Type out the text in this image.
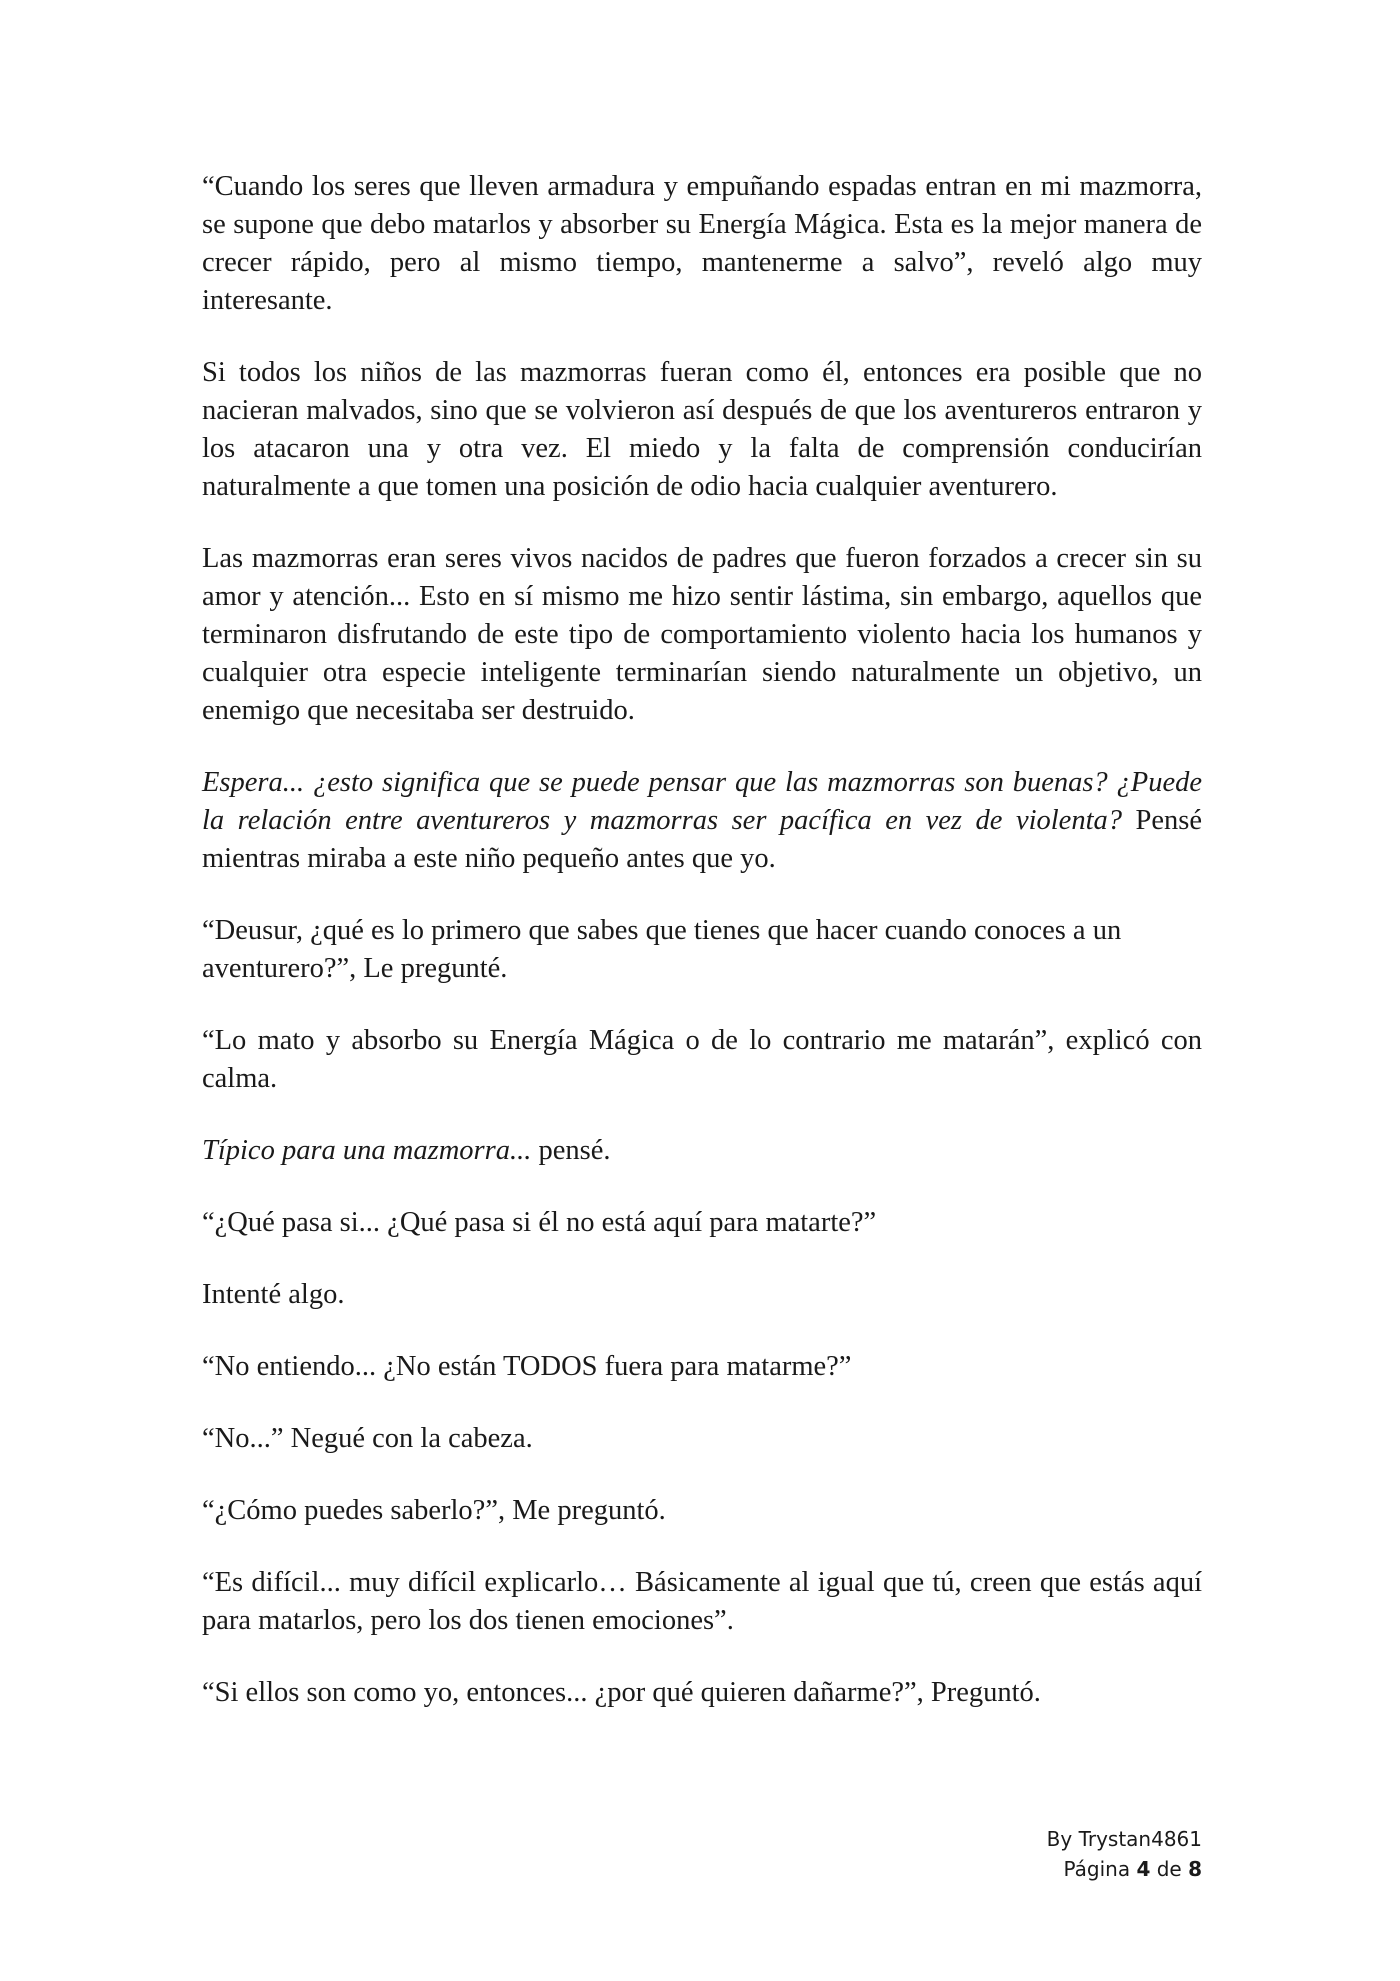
“Cuando los seres que lleven armadura y empuñando espadas entran en mi mazmorra, se supone que debo matarlos y absorber su Energía Mágica. Esta es la mejor manera de crecer rápido, pero al mismo tiempo, mantenerme a salvo”, reveló algo muy interesante.

Si todos los niños de las mazmorras fueran como él, entonces era posible que no nacieran malvados, sino que se volvieron así después de que los aventureros entraron y los atacaron una y otra vez. El miedo y la falta de comprensión conducirían naturalmente a que tomen una posición de odio hacia cualquier aventurero.

Las mazmorras eran seres vivos nacidos de padres que fueron forzados a crecer sin su amor y atención... Esto en sí mismo me hizo sentir lástima, sin embargo, aquellos que terminaron disfrutando de este tipo de comportamiento violento hacia los humanos y cualquier otra especie inteligente terminarían siendo naturalmente un objetivo, un enemigo que necesitaba ser destruido.

Espera... ¿esto significa que se puede pensar que las mazmorras son buenas? ¿Puede la relación entre aventureros y mazmorras ser pacífica en vez de violenta? Pensé mientras miraba a este niño pequeño antes que yo.

“Deusur, ¿qué es lo primero que sabes que tienes que hacer cuando conoces a un aventurero?”, Le pregunté.

“Lo mato y absorbo su Energía Mágica o de lo contrario me matarán”, explicó con calma.

Típico para una mazmorra... pensé.

“¿Qué pasa si... ¿Qué pasa si él no está aquí para matarte?”

Intenté algo.

“No entiendo... ¿No están TODOS fuera para matarme?”

“No...” Negué con la cabeza.

“¿Cómo puedes saberlo?”, Me preguntó.

“Es difícil... muy difícil explicarlo… Básicamente al igual que tú, creen que estás aquí para matarlos, pero los dos tienen emociones”.

“Si ellos son como yo, entonces... ¿por qué quieren dañarme?”, Preguntó.

By Trystan4861
Página 4 de 8
